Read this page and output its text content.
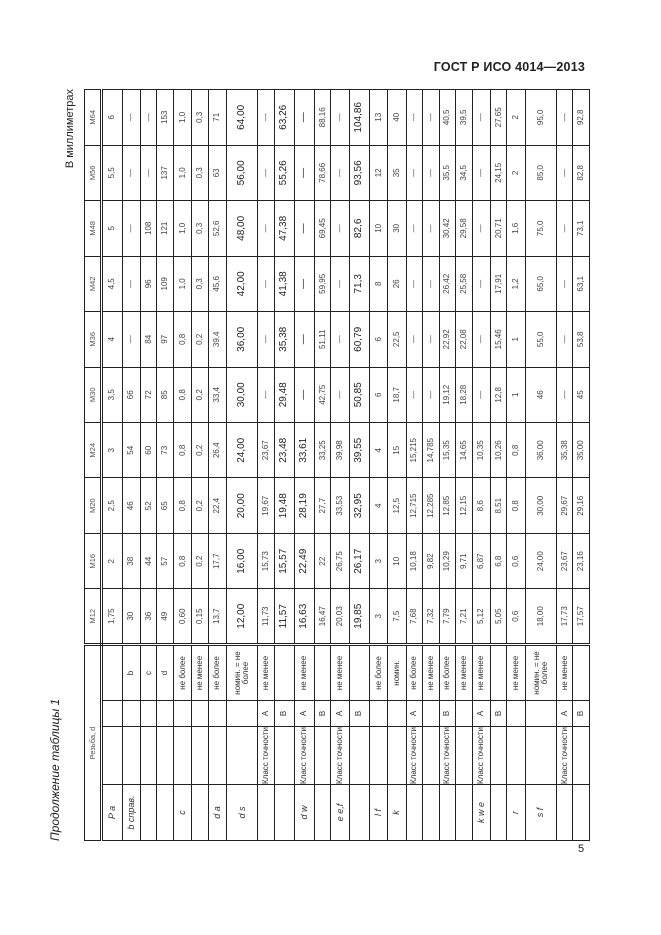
ГОСТ Р ИСО 4014—2013
5
Продолжение таблицы 1
В миллиметрах
Резьба, d				M12	M16	M20	M24	M30	M36	M42	M48	M56	M64
P a				1,75	2	2,5	3	3,5	4	4,5	5	5,5	6
b справ.			b	30	38	46	54	66	—	—	—	—	—
			c	36	44	52	60	72	84	96	108	—	—
			d	49	57	65	73	85	97	109	121	137	153
c			не более	0,60	0,8	0,8	0,8	0,8	0,8	1,0	1,0	1,0	1,0
			не менее	0,15	0,2	0,2	0,2	0,2	0,2	0,3	0,3	0,3	0,3
d a			не более	13,7	17,7	22,4	26,4	33,4	39,4	45,6	52,6	63	71
d s			номин. = не более	12,00	16,00	20,00	24,00	30,00	36,00	42,00	48,00	56,00	64,00
	Класс точности	A	не менее	11,73	15,73	19,67	23,67	—	—	—	—	—	—
		B		11,57	15,57	19,48	23,48	29,48	35,38	41,38	47,38	55,26	63,26
d w	Класс точности	A	не менее	16,63	22,49	28,19	33,61	—	—	—	—	—	—
		B		16,47	22	27,7	33,25	42,75	51,11	59,95	69,45	78,66	88,16
e e,f	Класс точности	A	не менее	20,03	26,75	33,53	39,98	—	—	—	—	—	—
		B		19,85	26,17	32,95	39,55	50,85	60,79	71,3	82,6	93,56	104,86
l f			не более	3	3	4	4	6	6	8	10	12	13
k			номин.	7,5	10	12,5	15	18,7	22,5	26	30	35	40
	Класс точности	A	не более	7,68	10,18	12,715	15,215	—	—	—	—	—	—
			не менее	7,32	9,82	12,285	14,785	—	—	—	—	—	—
	Класс точности	B	не более	7,79	10,29	12,85	15,35	19,12	22,92	26,42	30,42	35,5	40,5
			не менее	7,21	9,71	12,15	14,65	18,28	22,08	25,58	29,58	34,5	39,5
k w e	Класс точности	A	не менее	5,12	6,87	8,6	10,35	—	—	—	—	—	—
		B		5,05	6,8	8,51	10,26	12,8	15,46	17,91	20,71	24,15	27,65
r			не менее	0,6	0,6	0,8	0,8	1	1	1,2	1,6	2	2
s f			номин. = не более	18,00	24,00	30,00	36,00	46	55,0	65,0	75,0	85,0	95,0
	Класс точности	A	не менее	17,73	23,67	29,67	35,38	—	—	—	—	—	—
		B		17,57	23,16	29,16	35,00	45	53,8	63,1	73,1	82,8	92,8
